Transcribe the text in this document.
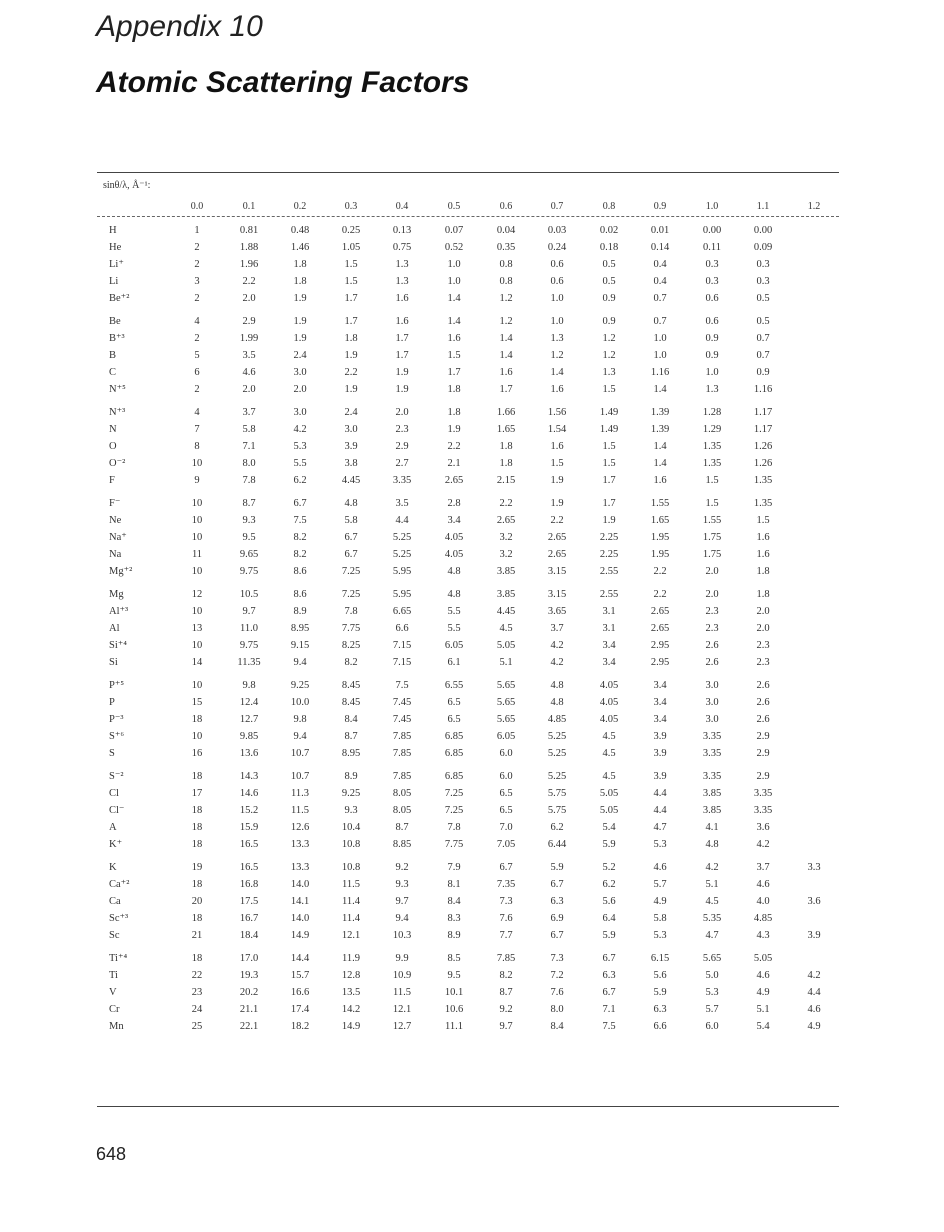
Appendix 10
Atomic Scattering Factors
sinθ/λ, Å⁻¹:
0.0	0.1	0.2	0.3	0.4	0.5	0.6	0.7	0.8	0.9	1.0	1.1	1.2
H	1	0.81	0.48	0.25	0.13	0.07	0.04	0.03	0.02	0.01	0.00	0.00
He	2	1.88	1.46	1.05	0.75	0.52	0.35	0.24	0.18	0.14	0.11	0.09
Li⁺	2	1.96	1.8	1.5	1.3	1.0	0.8	0.6	0.5	0.4	0.3	0.3
Li	3	2.2	1.8	1.5	1.3	1.0	0.8	0.6	0.5	0.4	0.3	0.3
Be⁺²	2	2.0	1.9	1.7	1.6	1.4	1.2	1.0	0.9	0.7	0.6	0.5
Be	4	2.9	1.9	1.7	1.6	1.4	1.2	1.0	0.9	0.7	0.6	0.5
B⁺³	2	1.99	1.9	1.8	1.7	1.6	1.4	1.3	1.2	1.0	0.9	0.7
B	5	3.5	2.4	1.9	1.7	1.5	1.4	1.2	1.2	1.0	0.9	0.7
C	6	4.6	3.0	2.2	1.9	1.7	1.6	1.4	1.3	1.16	1.0	0.9
N⁺⁵	2	2.0	2.0	1.9	1.9	1.8	1.7	1.6	1.5	1.4	1.3	1.16
N⁺³	4	3.7	3.0	2.4	2.0	1.8	1.66	1.56	1.49	1.39	1.28	1.17
N	7	5.8	4.2	3.0	2.3	1.9	1.65	1.54	1.49	1.39	1.29	1.17
O	8	7.1	5.3	3.9	2.9	2.2	1.8	1.6	1.5	1.4	1.35	1.26
O⁻²	10	8.0	5.5	3.8	2.7	2.1	1.8	1.5	1.5	1.4	1.35	1.26
F	9	7.8	6.2	4.45	3.35	2.65	2.15	1.9	1.7	1.6	1.5	1.35
F⁻	10	8.7	6.7	4.8	3.5	2.8	2.2	1.9	1.7	1.55	1.5	1.35
Ne	10	9.3	7.5	5.8	4.4	3.4	2.65	2.2	1.9	1.65	1.55	1.5
Na⁺	10	9.5	8.2	6.7	5.25	4.05	3.2	2.65	2.25	1.95	1.75	1.6
Na	11	9.65	8.2	6.7	5.25	4.05	3.2	2.65	2.25	1.95	1.75	1.6
Mg⁺²	10	9.75	8.6	7.25	5.95	4.8	3.85	3.15	2.55	2.2	2.0	1.8
Mg	12	10.5	8.6	7.25	5.95	4.8	3.85	3.15	2.55	2.2	2.0	1.8
Al⁺³	10	9.7	8.9	7.8	6.65	5.5	4.45	3.65	3.1	2.65	2.3	2.0
Al	13	11.0	8.95	7.75	6.6	5.5	4.5	3.7	3.1	2.65	2.3	2.0
Si⁺⁴	10	9.75	9.15	8.25	7.15	6.05	5.05	4.2	3.4	2.95	2.6	2.3
Si	14	11.35	9.4	8.2	7.15	6.1	5.1	4.2	3.4	2.95	2.6	2.3
P⁺⁵	10	9.8	9.25	8.45	7.5	6.55	5.65	4.8	4.05	3.4	3.0	2.6
P	15	12.4	10.0	8.45	7.45	6.5	5.65	4.8	4.05	3.4	3.0	2.6
P⁻³	18	12.7	9.8	8.4	7.45	6.5	5.65	4.85	4.05	3.4	3.0	2.6
S⁺⁶	10	9.85	9.4	8.7	7.85	6.85	6.05	5.25	4.5	3.9	3.35	2.9
S	16	13.6	10.7	8.95	7.85	6.85	6.0	5.25	4.5	3.9	3.35	2.9
S⁻²	18	14.3	10.7	8.9	7.85	6.85	6.0	5.25	4.5	3.9	3.35	2.9
Cl	17	14.6	11.3	9.25	8.05	7.25	6.5	5.75	5.05	4.4	3.85	3.35
Cl⁻	18	15.2	11.5	9.3	8.05	7.25	6.5	5.75	5.05	4.4	3.85	3.35
A	18	15.9	12.6	10.4	8.7	7.8	7.0	6.2	5.4	4.7	4.1	3.6
K⁺	18	16.5	13.3	10.8	8.85	7.75	7.05	6.44	5.9	5.3	4.8	4.2
K	19	16.5	13.3	10.8	9.2	7.9	6.7	5.9	5.2	4.6	4.2	3.7	3.3
Ca⁺²	18	16.8	14.0	11.5	9.3	8.1	7.35	6.7	6.2	5.7	5.1	4.6
Ca	20	17.5	14.1	11.4	9.7	8.4	7.3	6.3	5.6	4.9	4.5	4.0	3.6
Sc⁺³	18	16.7	14.0	11.4	9.4	8.3	7.6	6.9	6.4	5.8	5.35	4.85
Sc	21	18.4	14.9	12.1	10.3	8.9	7.7	6.7	5.9	5.3	4.7	4.3	3.9
Ti⁺⁴	18	17.0	14.4	11.9	9.9	8.5	7.85	7.3	6.7	6.15	5.65	5.05
Ti	22	19.3	15.7	12.8	10.9	9.5	8.2	7.2	6.3	5.6	5.0	4.6	4.2
V	23	20.2	16.6	13.5	11.5	10.1	8.7	7.6	6.7	5.9	5.3	4.9	4.4
Cr	24	21.1	17.4	14.2	12.1	10.6	9.2	8.0	7.1	6.3	5.7	5.1	4.6
Mn	25	22.1	18.2	14.9	12.7	11.1	9.7	8.4	7.5	6.6	6.0	5.4	4.9
648
